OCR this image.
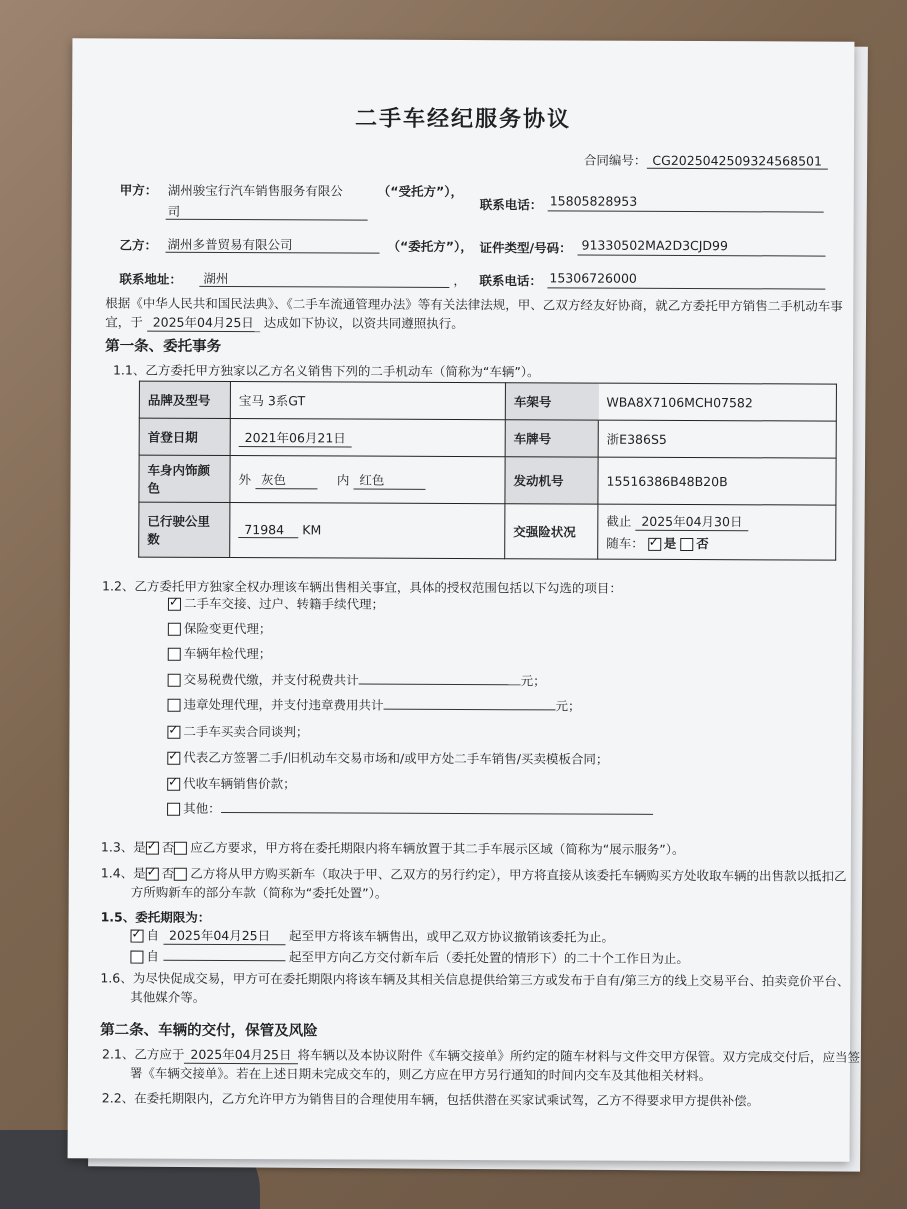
二手车经纪服务协议
合同编号： CG2025042509324568501
甲方： 湖州骏宝行汽车销售服务有限公
司
（“受托方”），
联系电话： 15805828953
乙方： 湖州多普贸易有限公司	（“委托方”）， 证件类型/号码： 91330502MA2D3CJD99
联系地址： 湖州	， 联系电话： 15306726000
根据《中华人民共和国民法典》、《二手车流通管理办法》等有关法律法规，甲、乙双方经友好协商，就乙方委托甲方销售二手机动车事
宜，于 2025年04月25日 达成如下协议，以资共同遵照执行。
第一条、委托事务
1.1、乙方委托甲方独家以乙方名义销售下列的二手机动车（简称为“车辆”）。
品牌及型号	宝马 3系GT	车架号	WBA8X7106MCH07582
首登日期	2021年06月21日	车牌号	浙E386S5
车身内饰颜色	外 灰色 内 红色	发动机号	15516386B48B20B
已行驶公里数	71984 KM	交强险状况	截止 2025年04月30日
随车： ✓ 是 否
1.2、乙方委托甲方独家全权办理该车辆出售相关事宜，具体的授权范围包括以下勾选的项目：
✓二手车交接、过户、转籍手续代理；
保险变更代理；
车辆年检代理；
交易税费代缴，并支付税费共计	元；
违章处理代理，并支付违章费用共计	元；
✓二手车买卖合同谈判；
✓代表乙方签署二手/旧机动车交易市场和/或甲方处二手车销售/买卖模板合同；
✓代收车辆销售价款；
其他：
1.3、是 ✓ 否 应乙方要求，甲方将在委托期限内将车辆放置于其二手车展示区域（简称为“展示服务”）。
1.4、是 ✓ 否 乙方将从甲方购买新车（取决于甲、乙双方的另行约定），甲方将直接从该委托车辆购买方处收取车辆的出售款以抵扣乙
方所购新车的部分车款（简称为“委托处置”）。
1.5、委托期限为：
✓自 2025年04月25日 起至甲方将该车辆售出，或甲乙双方协议撤销该委托为止。
自	起至甲方向乙方交付新车后（委托处置的情形下）的二十个工作日为止。
1.6、为尽快促成交易，甲方可在委托期限内将该车辆及其相关信息提供给第三方或发布于自有/第三方的线上交易平台、拍卖竞价平台、
其他媒介等。
第二条、车辆的交付，保管及风险
2.1、乙方应于 2025年04月25日 将车辆以及本协议附件《车辆交接单》所约定的随车材料与文件交甲方保管。双方完成交付后，应当签
署《车辆交接单》。若在上述日期未完成交车的，则乙方应在甲方另行通知的时间内交车及其他相关材料。
2.2、在委托期限内，乙方允许甲方为销售目的合理使用车辆，包括供潜在买家试乘试驾，乙方不得要求甲方提供补偿。
